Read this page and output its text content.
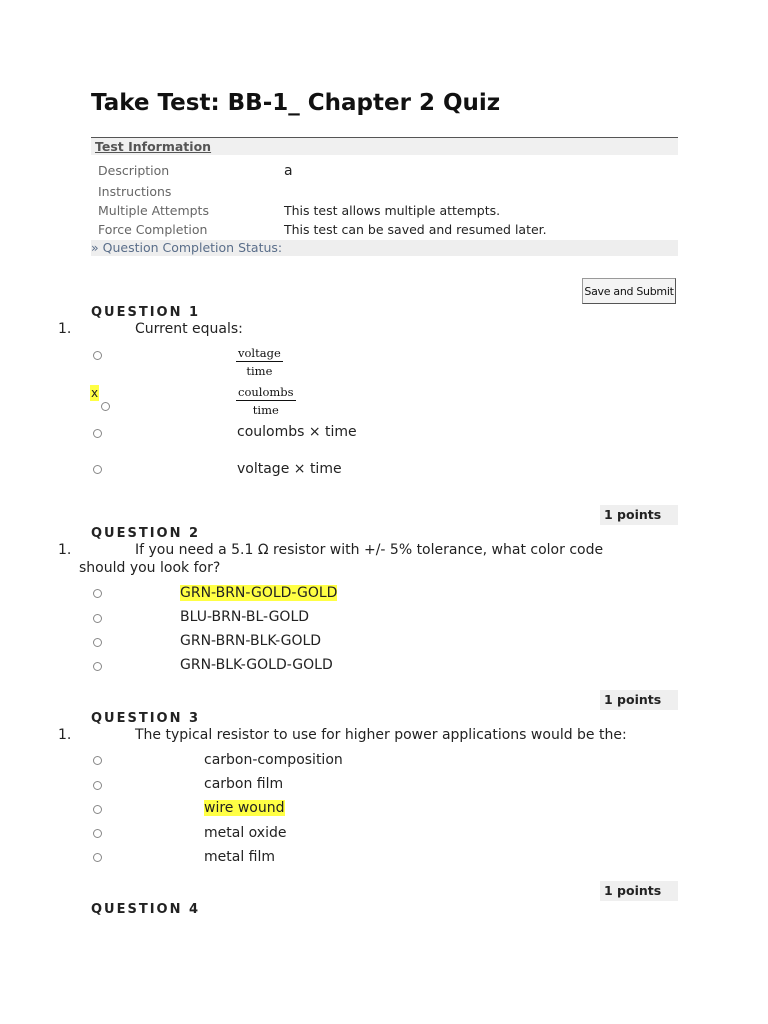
Take Test: BB-1_ Chapter 2 Quiz
Test Information
Description	a
Instructions
Multiple Attempts	This test allows multiple attempts.
Force Completion	This test can be saved and resumed later.
» Question Completion Status:
Save and Submit
QUESTION 1
1.	Current equals:
voltage
time
x	coulombs
time
coulombs × time
voltage × time
1 points
QUESTION 2
1.	If you need a 5.1 Ω resistor with +/- 5% tolerance, what color code
should you look for?
GRN-BRN-GOLD-GOLD
BLU-BRN-BL-GOLD
GRN-BRN-BLK-GOLD
GRN-BLK-GOLD-GOLD
1 points
QUESTION 3
1.	The typical resistor to use for higher power applications would be the:
carbon-composition
carbon film
wire wound
metal oxide
metal film
1 points
QUESTION 4
